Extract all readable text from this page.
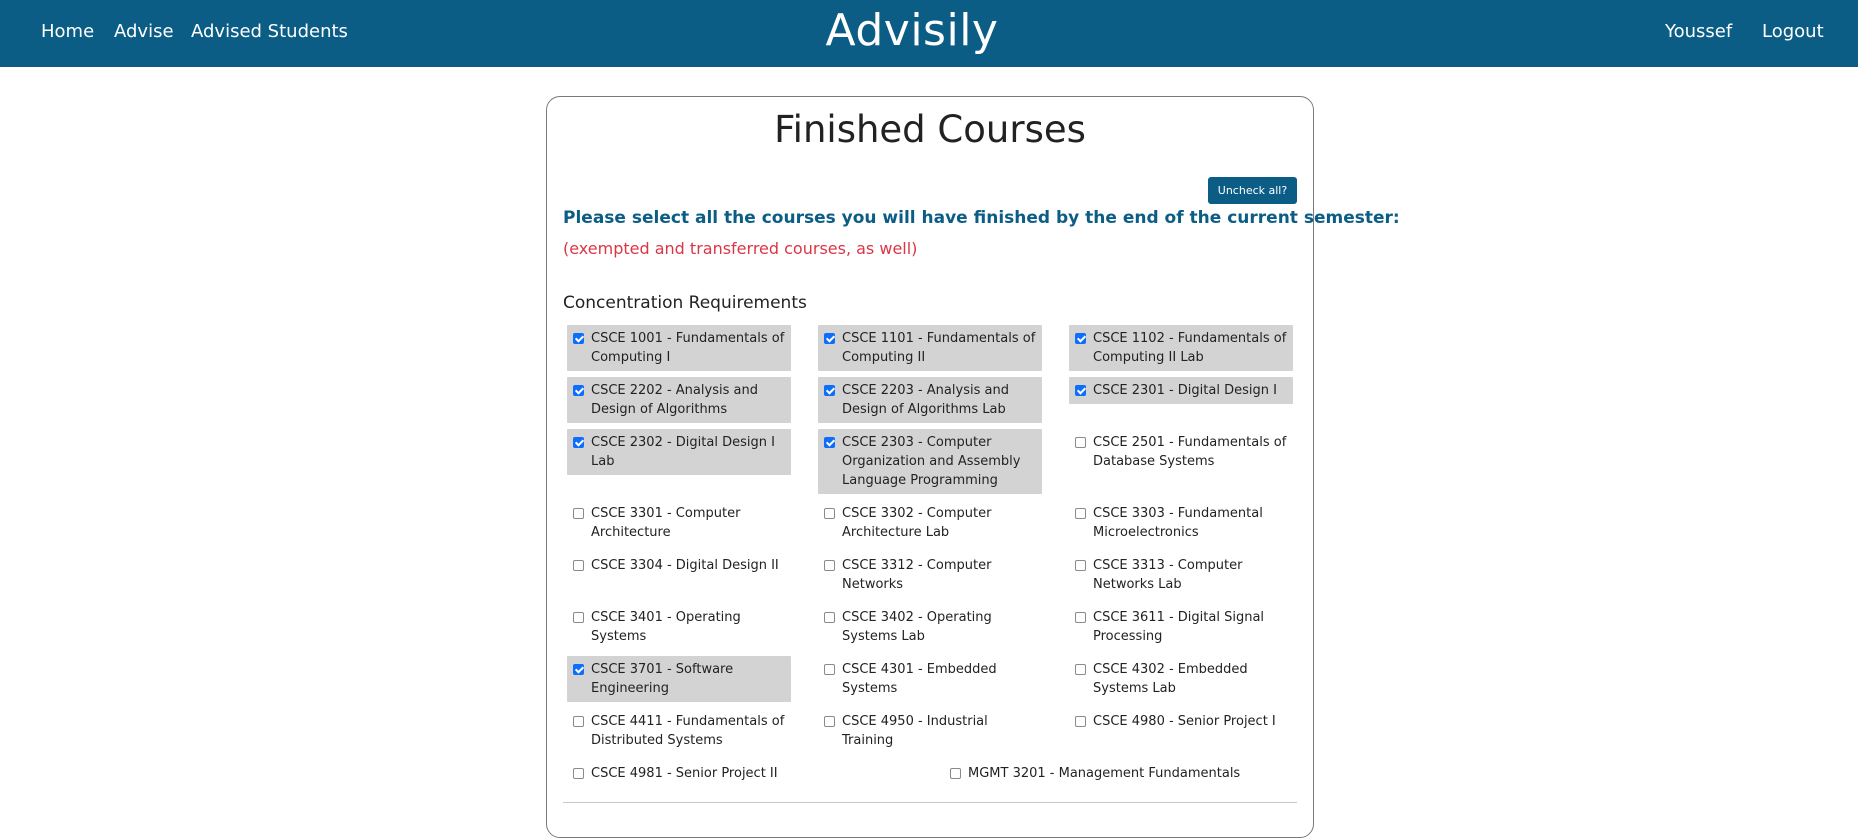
Home Advise Advised Students	Advisily	Youssef Logout
Finished Courses
Uncheck all?
Please select all the courses you will have finished by the end of the current semester:
(exempted and transferred courses, as well)
Concentration Requirements
CSCE 1001 - Fundamentals of Computing I
CSCE 1101 - Fundamentals of Computing II
CSCE 1102 - Fundamentals of Computing II Lab
CSCE 2202 - Analysis and Design of Algorithms
CSCE 2203 - Analysis and Design of Algorithms Lab
CSCE 2301 - Digital Design I
CSCE 2302 - Digital Design I Lab
CSCE 2303 - Computer Organization and Assembly Language Programming
CSCE 2501 - Fundamentals of Database Systems
CSCE 3301 - Computer Architecture
CSCE 3302 - Computer Architecture Lab
CSCE 3303 - Fundamental Microelectronics
CSCE 3304 - Digital Design II	CSCE 3312 - Computer Networks
CSCE 3313 - Computer Networks Lab
CSCE 3401 - Operating Systems
CSCE 3402 - Operating Systems Lab
CSCE 3611 - Digital Signal Processing
CSCE 3701 - Software Engineering
CSCE 4301 - Embedded Systems
CSCE 4302 - Embedded Systems Lab
CSCE 4411 - Fundamentals of Distributed Systems
CSCE 4950 - Industrial Training
CSCE 4980 - Senior Project I
CSCE 4981 - Senior Project II	MGMT 3201 - Management Fundamentals
